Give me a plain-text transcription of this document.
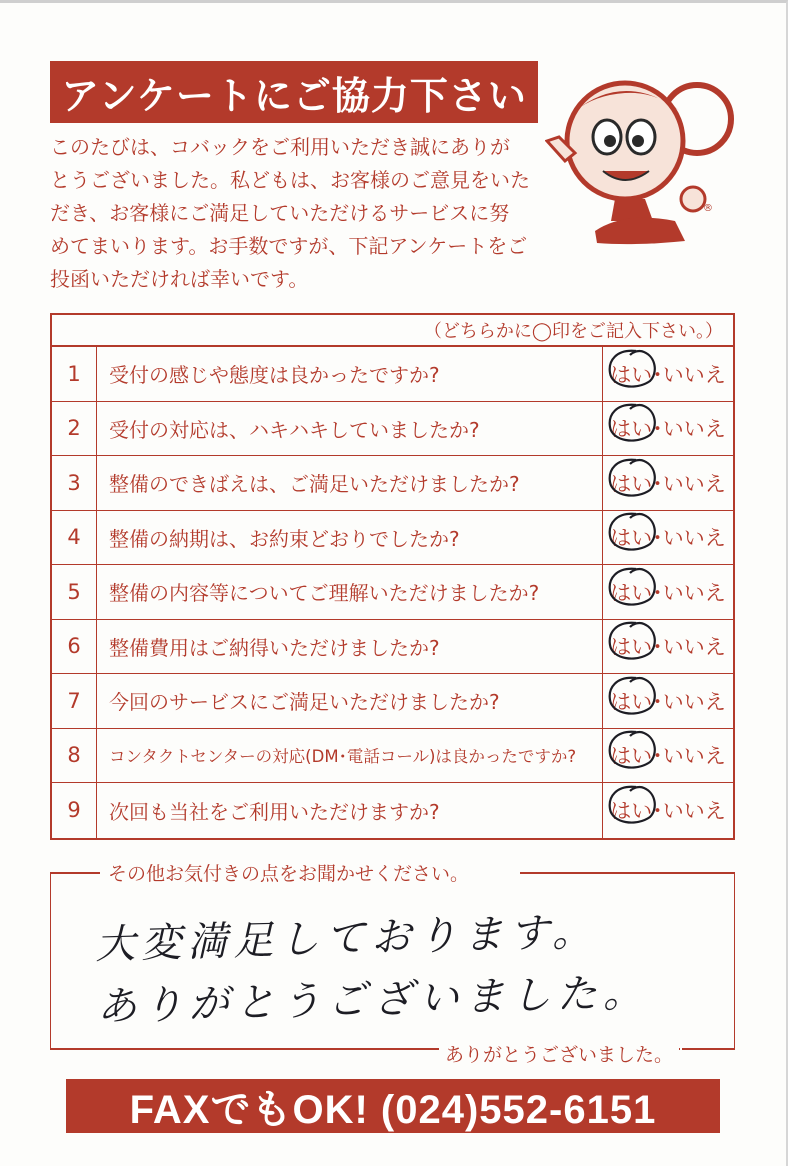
アンケートにご協力下さい
このたびは、コバックをご利用いただき誠にありが
とうございました。私どもは、お客様のご意見をいた
だき、お客様にご満足していただけるサービスに努
めてまいります。お手数ですが、下記アンケートをご
投函いただければ幸いです。
®
（どちらかに◯印をご記入下さい。）
1	受付の感じや態度は良かったですか?	はい ･ いいえ
2	受付の対応は、ハキハキしていましたか?	はい ･ いいえ
3	整備のできばえは、ご満足いただけましたか?	はい ･ いいえ
4	整備の納期は、お約束どおりでしたか?	はい ･ いいえ
5	整備の内容等についてご理解いただけましたか?	はい ･ いいえ
6	整備費用はご納得いただけましたか?	はい ･ いいえ
7	今回のサービスにご満足いただけましたか?	はい ･ いいえ
8	コンタクトセンターの対応(DM･電話コール)は良かったですか?	はい ･ いいえ
9	次回も当社をご利用いただけますか?	はい ･ いいえ
その他お気付きの点をお聞かせください。
大変満足しております。
ありがとうございました。
ありがとうございました。
FAXでもOK! (024)552-6151
